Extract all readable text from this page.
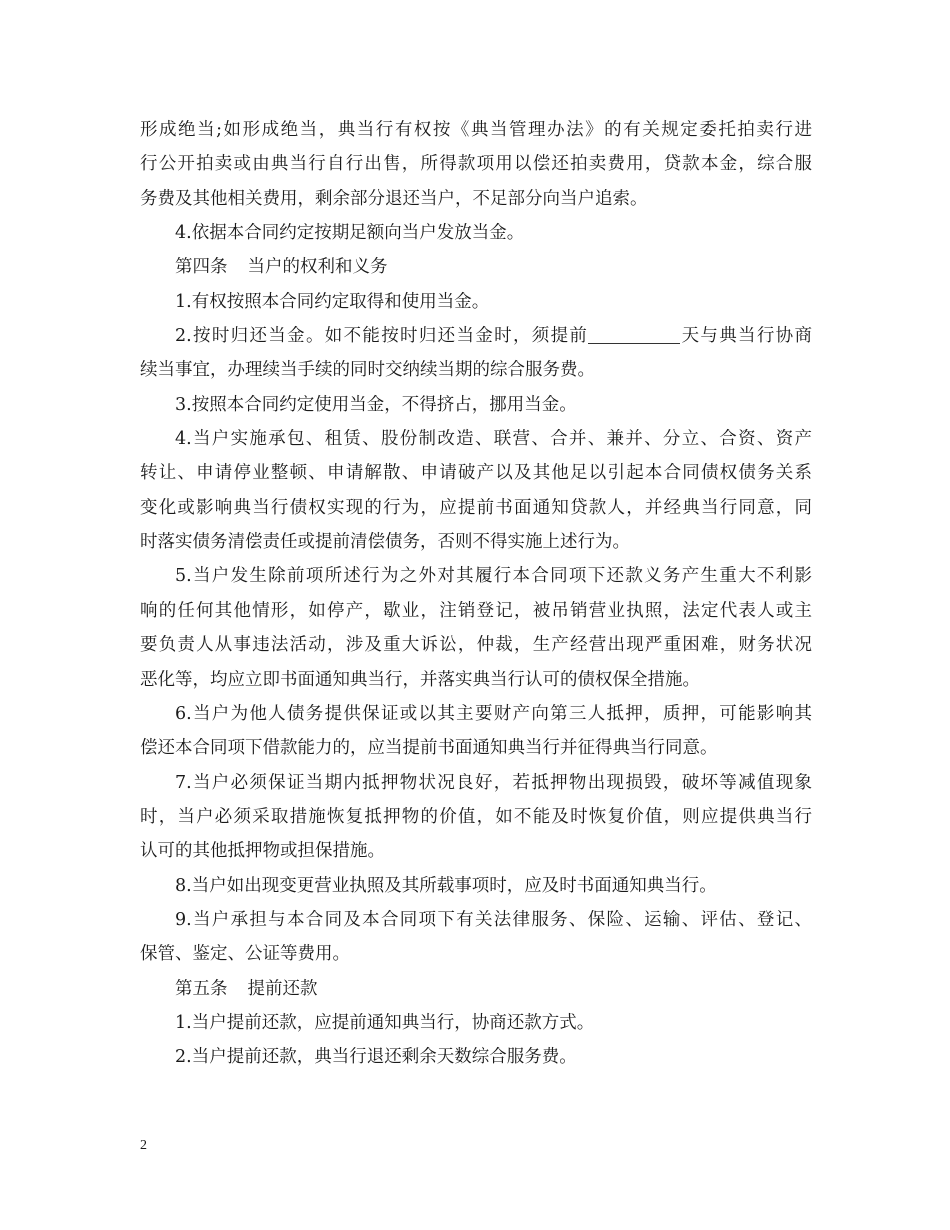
形成绝当;如形成绝当，典当行有权按《典当管理办法》的有关规定委托拍卖行进
行公开拍卖或由典当行自行出售，所得款项用以偿还拍卖费用，贷款本金，综合服
务费及其他相关费用，剩余部分退还当户，不足部分向当户追索。
4.依据本合同约定按期足额向当户发放当金。
第四条 当户的权利和义务
1.有权按照本合同约定取得和使用当金。
2.按时归还当金。如不能按时归还当金时，须提前	天与典当行协商
续当事宜，办理续当手续的同时交纳续当期的综合服务费。
3.按照本合同约定使用当金，不得挤占，挪用当金。
4.当户实施承包、租赁、股份制改造、联营、合并、兼并、分立、合资、资产
转让、申请停业整顿、申请解散、申请破产以及其他足以引起本合同债权债务关系
变化或影响典当行债权实现的行为，应提前书面通知贷款人，并经典当行同意，同
时落实债务清偿责任或提前清偿债务，否则不得实施上述行为。
5.当户发生除前项所述行为之外对其履行本合同项下还款义务产生重大不利影
响的任何其他情形，如停产，歇业，注销登记，被吊销营业执照，法定代表人或主
要负责人从事违法活动，涉及重大诉讼，仲裁，生产经营出现严重困难，财务状况
恶化等，均应立即书面通知典当行，并落实典当行认可的债权保全措施。
6.当户为他人债务提供保证或以其主要财产向第三人抵押，质押，可能影响其
偿还本合同项下借款能力的，应当提前书面通知典当行并征得典当行同意。
7.当户必须保证当期内抵押物状况良好，若抵押物出现损毁，破坏等减值现象
时，当户必须采取措施恢复抵押物的价值，如不能及时恢复价值，则应提供典当行
认可的其他抵押物或担保措施。
8.当户如出现变更营业执照及其所载事项时，应及时书面通知典当行。
9.当户承担与本合同及本合同项下有关法律服务、保险、运输、评估、登记、
保管、鉴定、公证等费用。
第五条 提前还款
1.当户提前还款，应提前通知典当行，协商还款方式。
2.当户提前还款，典当行退还剩余天数综合服务费。
2
